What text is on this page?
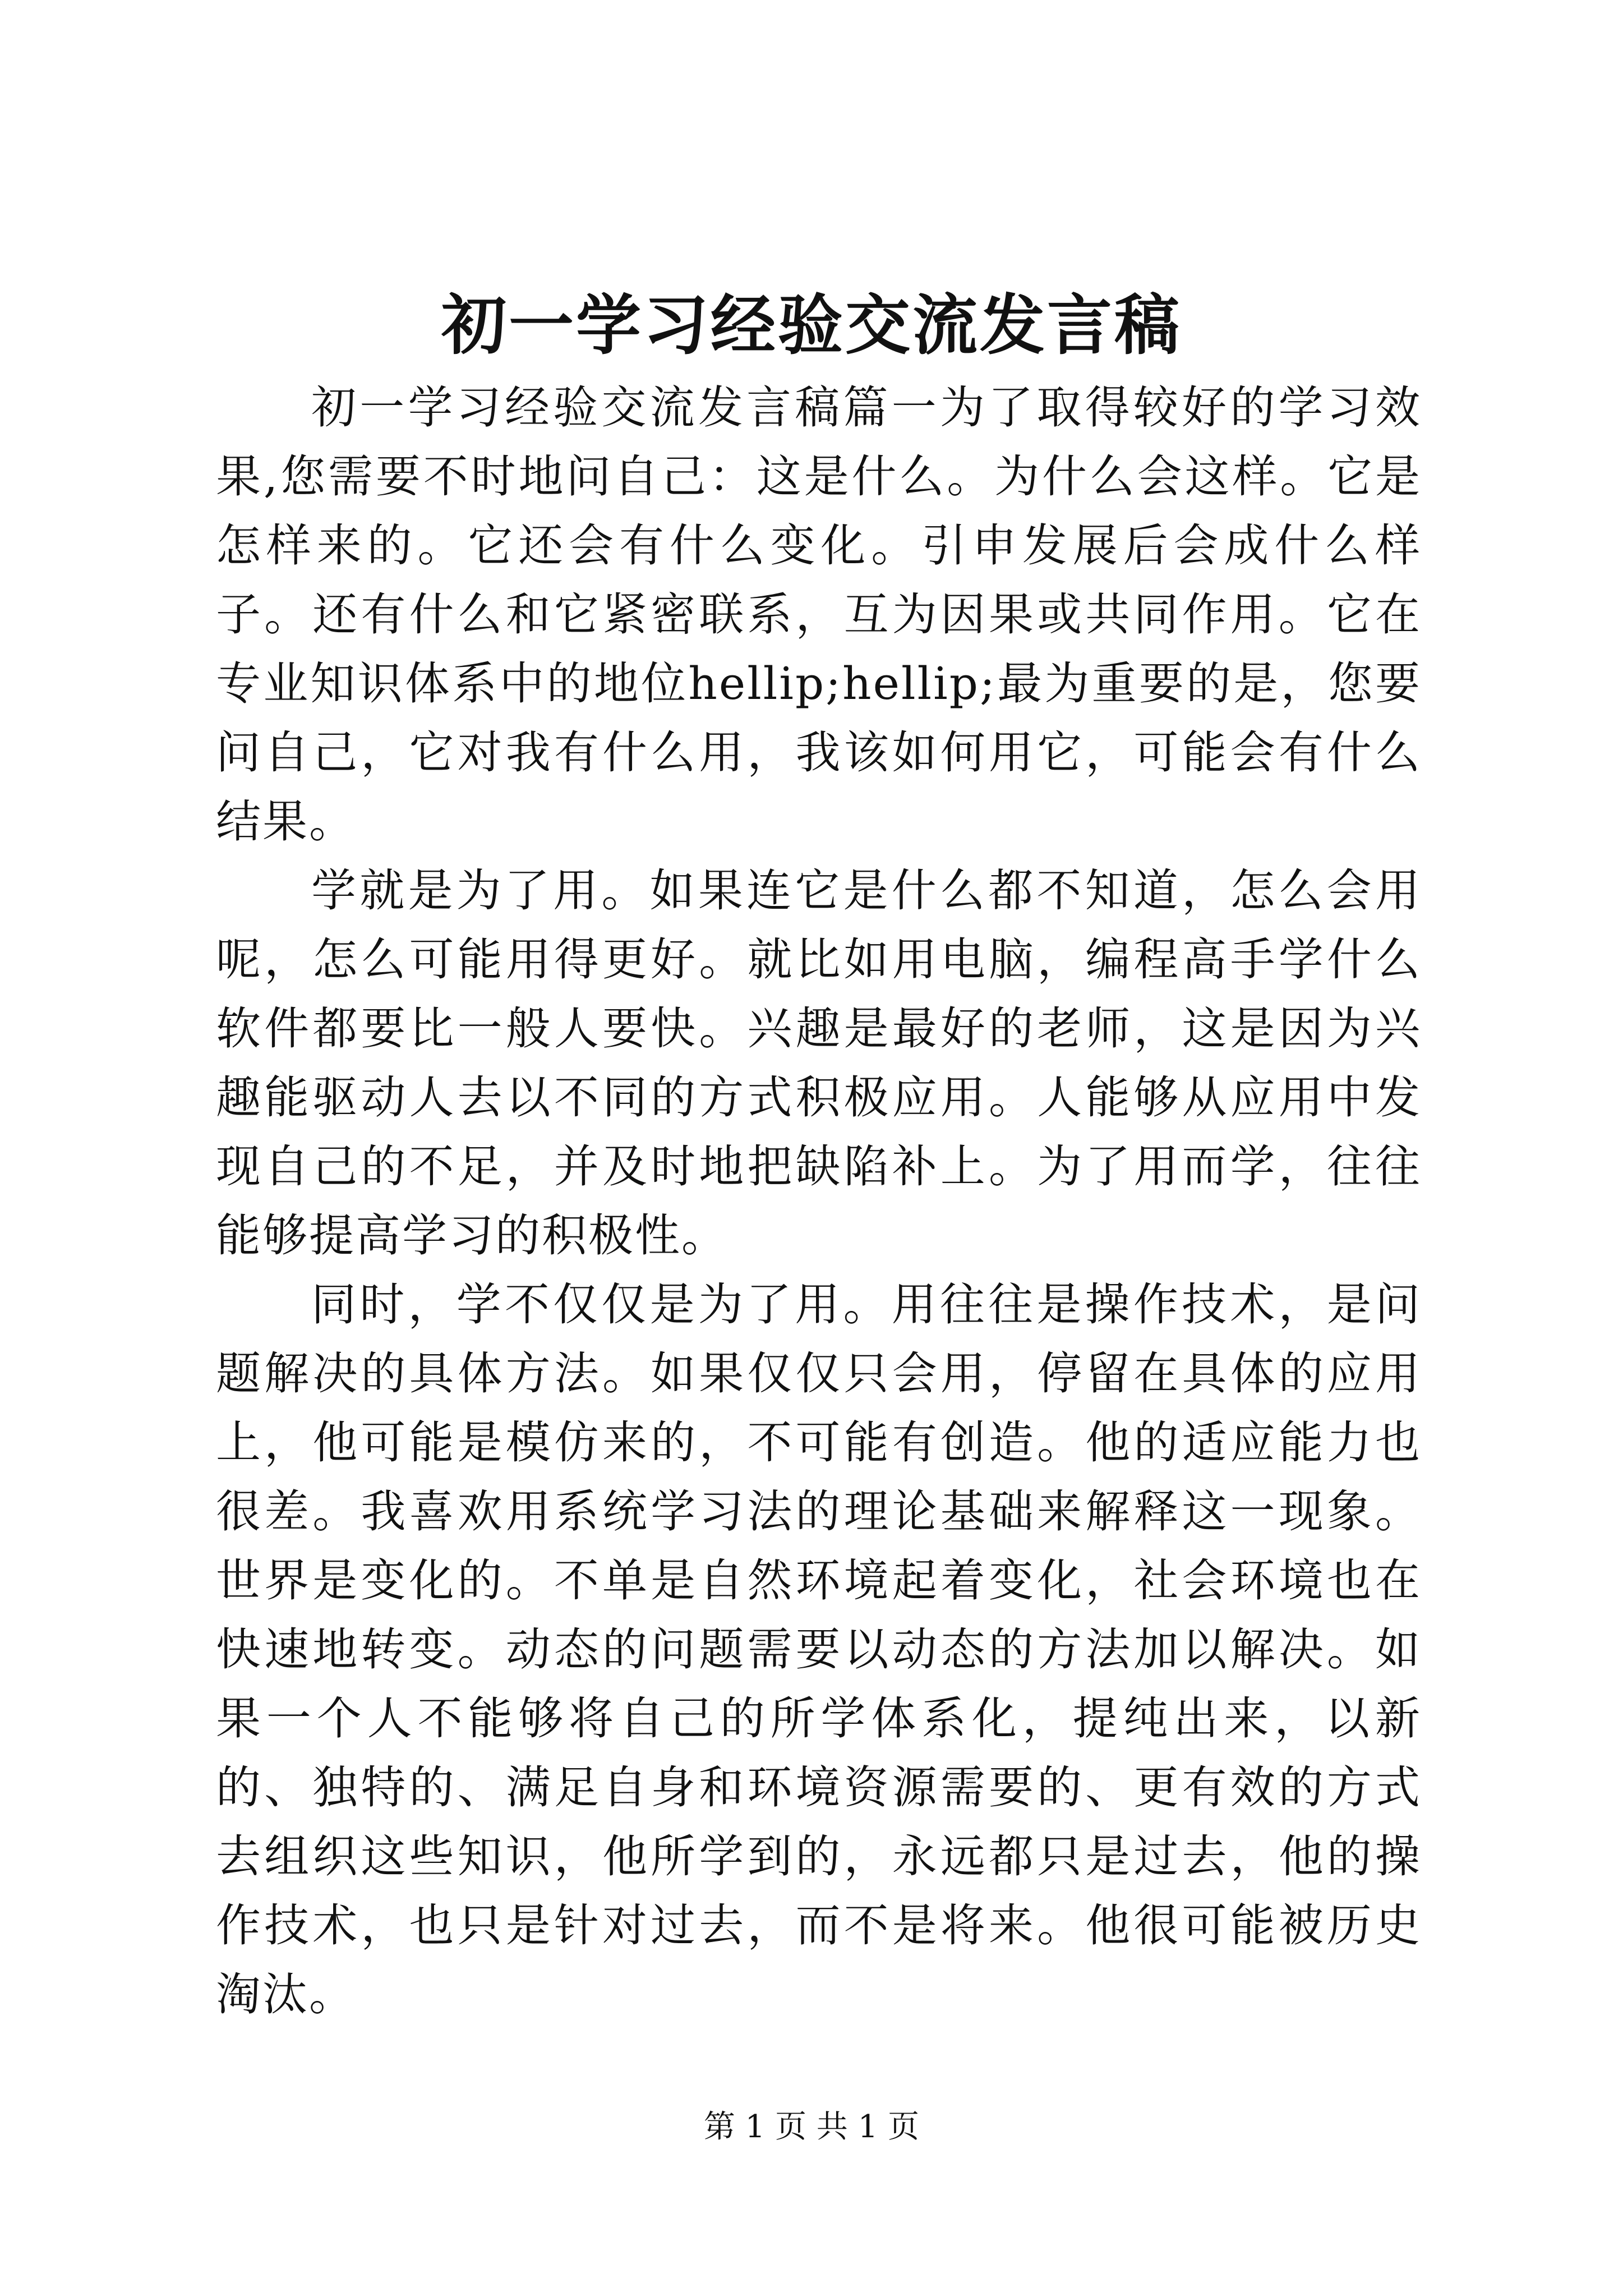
初一学习经验交流发言稿

初一学习经验交流发言稿篇一为了取得较好的学习效果,您需要不时地问自己：这是什么。为什么会这样。它是怎样来的。它还会有什么变化。引申发展后会成什么样子。还有什么和它紧密联系，互为因果或共同作用。它在专业知识体系中的地位hellip;hellip;最为重要的是，您要问自己，它对我有什么用，我该如何用它，可能会有什么结果。

学就是为了用。如果连它是什么都不知道，怎么会用呢，怎么可能用得更好。就比如用电脑，编程高手学什么软件都要比一般人要快。兴趣是最好的老师，这是因为兴趣能驱动人去以不同的方式积极应用。人能够从应用中发现自己的不足，并及时地把缺陷补上。为了用而学，往往能够提高学习的积极性。

同时，学不仅仅是为了用。用往往是操作技术，是问题解决的具体方法。如果仅仅只会用，停留在具体的应用上，他可能是模仿来的，不可能有创造。他的适应能力也很差。我喜欢用系统学习法的理论基础来解释这一现象。世界是变化的。不单是自然环境起着变化，社会环境也在快速地转变。动态的问题需要以动态的方法加以解决。如果一个人不能够将自己的所学体系化，提纯出来，以新的、独特的、满足自身和环境资源需要的、更有效的方式去组织这些知识，他所学到的，永远都只是过去，他的操作技术，也只是针对过去，而不是将来。他很可能被历史淘汰。

第 1 页 共 1 页
